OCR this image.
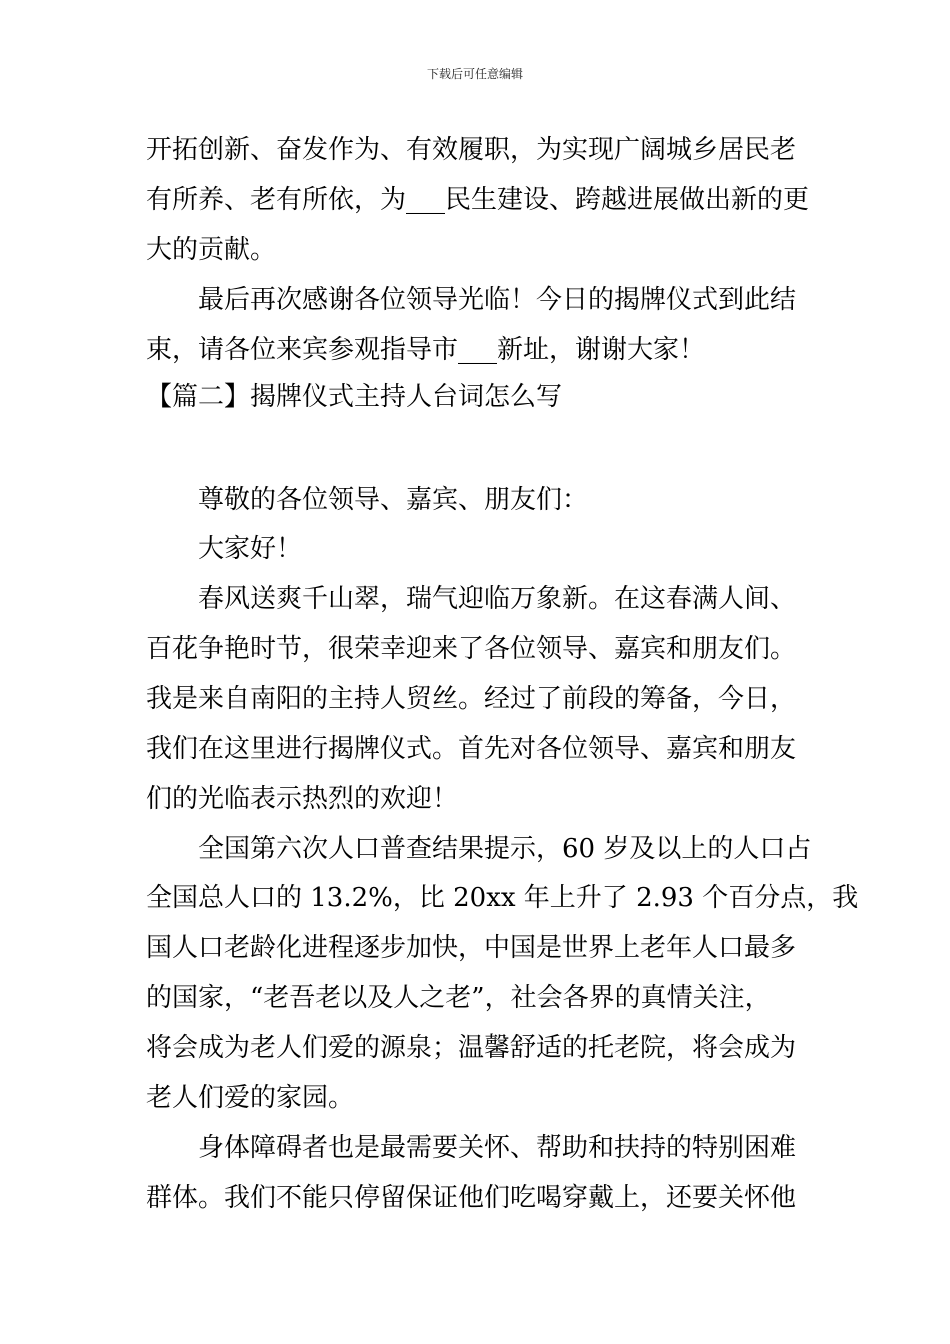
下载后可任意编辑
开拓创新、奋发作为、有效履职，为实现广阔城乡居民老
有所养、老有所依，为___民生建设、跨越进展做出新的更
大的贡献。
最后再次感谢各位领导光临！今日的揭牌仪式到此结
束，请各位来宾参观指导市___新址，谢谢大家！
【篇二】揭牌仪式主持人台词怎么写
尊敬的各位领导、嘉宾、朋友们：
大家好！
春风送爽千山翠，瑞气迎临万象新。在这春满人间、
百花争艳时节，很荣幸迎来了各位领导、嘉宾和朋友们。
我是来自南阳的主持人贸丝。经过了前段的筹备，今日，
我们在这里进行揭牌仪式。首先对各位领导、嘉宾和朋友
们的光临表示热烈的欢迎！
全国第六次人口普查结果提示，60 岁及以上的人口占
全国总人口的 13.2%，比 20xx 年上升了 2.93 个百分点，我
国人口老龄化进程逐步加快，中国是世界上老年人口最多
的国家，“老吾老以及人之老”，社会各界的真情关注，
将会成为老人们爱的源泉；温馨舒适的托老院，将会成为
老人们爱的家园。
身体障碍者也是最需要关怀、帮助和扶持的特别困难
群体。我们不能只停留保证他们吃喝穿戴上，还要关怀他
